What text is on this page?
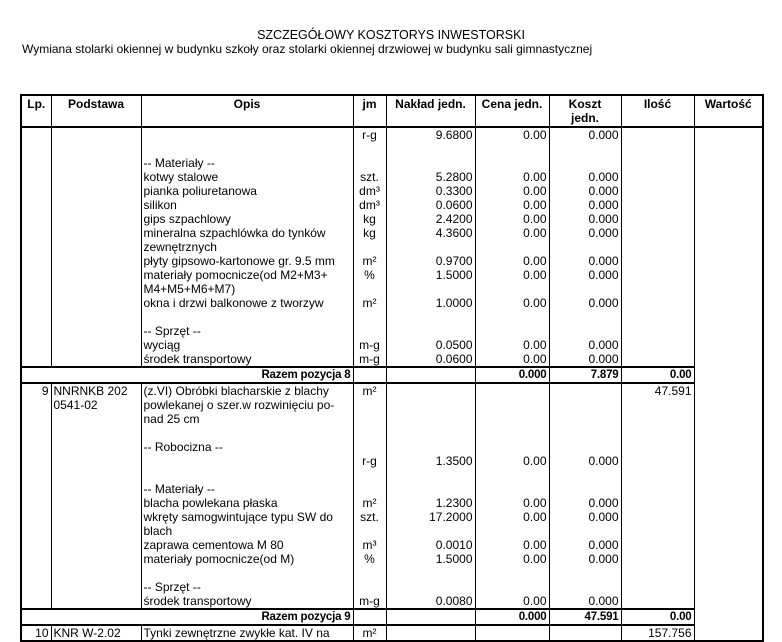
SZCZEGÓŁOWY KOSZTORYS INWESTORSKI
Wymiana stolarki okiennej w budynku szkoły oraz stolarki okiennej drzwiowej w budynku sali gimnastycznej
Lp.	Podstawa	Opis	jm	Nakład jedn.	Cena jedn.	Koszt jedn.	Ilość	Wartość
			r-g	9.6800	0.00	0.000		

		-- Materiały --						
		kotwy stalowe	szt.	5.2800	0.00	0.000		
		pianka poliuretanowa	dm³	0.3300	0.00	0.000		
		silikon	dm³	0.0600	0.00	0.000		
		gips szpachlowy	kg	2.4200	0.00	0.000		
		mineralna szpachlówka do tynków	kg	4.3600	0.00	0.000		
		zewnętrznych						
		płyty gipsowo-kartonowe gr. 9.5 mm	m²	0.9700	0.00	0.000		
		materiały pomocnicze(od M2+M3+	%	1.5000	0.00	0.000		
		M4+M5+M6+M7)						
		okna i drzwi balkonowe z tworzyw	m²	1.0000	0.00	0.000		

		-- Sprzęt --						
		wyciąg	m-g	0.0500	0.00	0.000		
		środek transportowy	m-g	0.0600	0.00	0.000		
Razem pozycja 8					0.000	7.879	0.00	
9	NNRNKB 202	(z.VI) Obróbki blacharskie z blachy	m²				47.591	
	0541-02	powlekanej o szer.w rozwinięciu po-						
		nad 25 cm						

		-- Robocizna --						
			r-g	1.3500	0.00	0.000		

		-- Materiały --						
		blacha powlekana płaska	m²	1.2300	0.00	0.000		
		wkręty samogwintujące typu SW do	szt.	17.2000	0.00	0.000		
		blach						
		zaprawa cementowa M 80	m³	0.0010	0.00	0.000		
		materiały pomocnicze(od M)	%	1.5000	0.00	0.000		

		-- Sprzęt --						
		środek transportowy	m-g	0.0080	0.00	0.000		
Razem pozycja 9					0.000	47.591	0.00	
10	KNR W-2.02	Tynki zewnętrzne zwykłe kat. IV na	m²				157.756	
